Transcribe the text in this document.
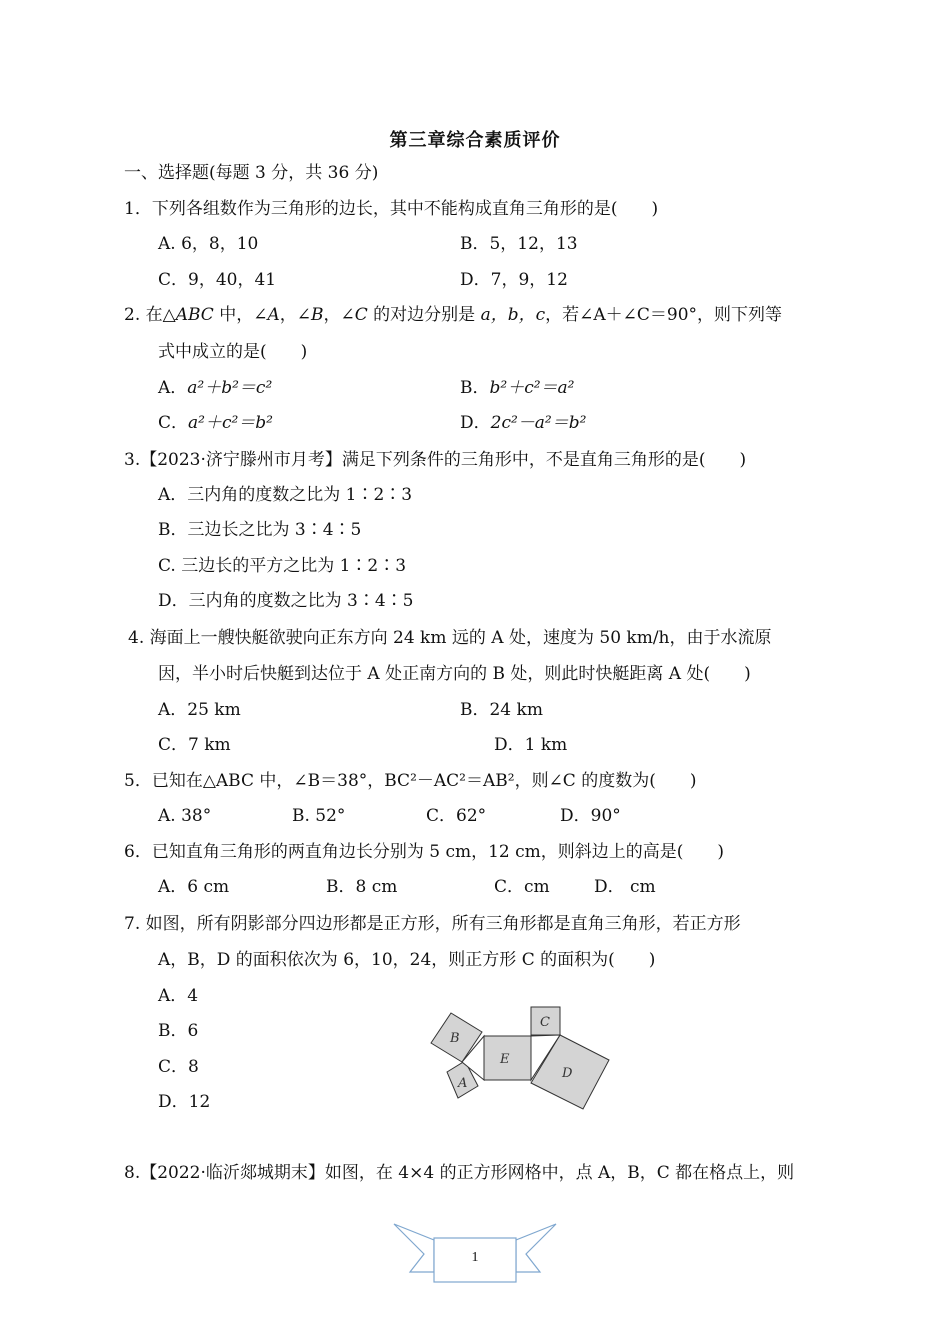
第三章综合素质评价
一、选择题(每题 3 分，共 36 分)
1．下列各组数作为三角形的边长，其中不能构成直角三角形的是(　　)
A. 6，8，10	B．5，12，13
C．9，40，41	D．7，9，12
2. 在△ABC 中，∠A，∠B，∠C 的对边分别是 a，b，c，若∠A＋∠C＝90°，则下列等
式中成立的是(　　)
A．a²＋b²＝c²	B．b²＋c²＝a²
C．a²＋c²＝b²	D．2c²－a²＝b²
3.【2023·济宁滕州市月考】满足下列条件的三角形中，不是直角三角形的是(　　)
A．三内角的度数之比为 1∶2∶3
B．三边长之比为 3∶4∶5
C. 三边长的平方之比为 1∶2∶3
D．三内角的度数之比为 3∶4∶5
4. 海面上一艘快艇欲驶向正东方向 24 km 远的 A 处，速度为 50 km/h，由于水流原
因，半小时后快艇到达位于 A 处正南方向的 B 处，则此时快艇距离 A 处(　　)
A．25 km	B．24 km
C．7 km	D．1 km
5．已知在△ABC 中，∠B＝38°，BC²－AC²＝AB²，则∠C 的度数为(　　)
A. 38°	B. 52°	C．62°	D．90°
6．已知直角三角形的两直角边长分别为 5 cm，12 cm，则斜边上的高是(　　)
A．6 cm	B．8 cm	C．cm	D． cm
7. 如图，所有阴影部分四边形都是正方形，所有三角形都是直角三角形，若正方形
A，B，D 的面积依次为 6，10，24，则正方形 C 的面积为(　　)
A．4
B．6
C．8
D．12
B
A
E
C
D
8.【2022·临沂郯城期末】如图，在 4×4 的正方形网格中，点 A，B，C 都在格点上，则
1
